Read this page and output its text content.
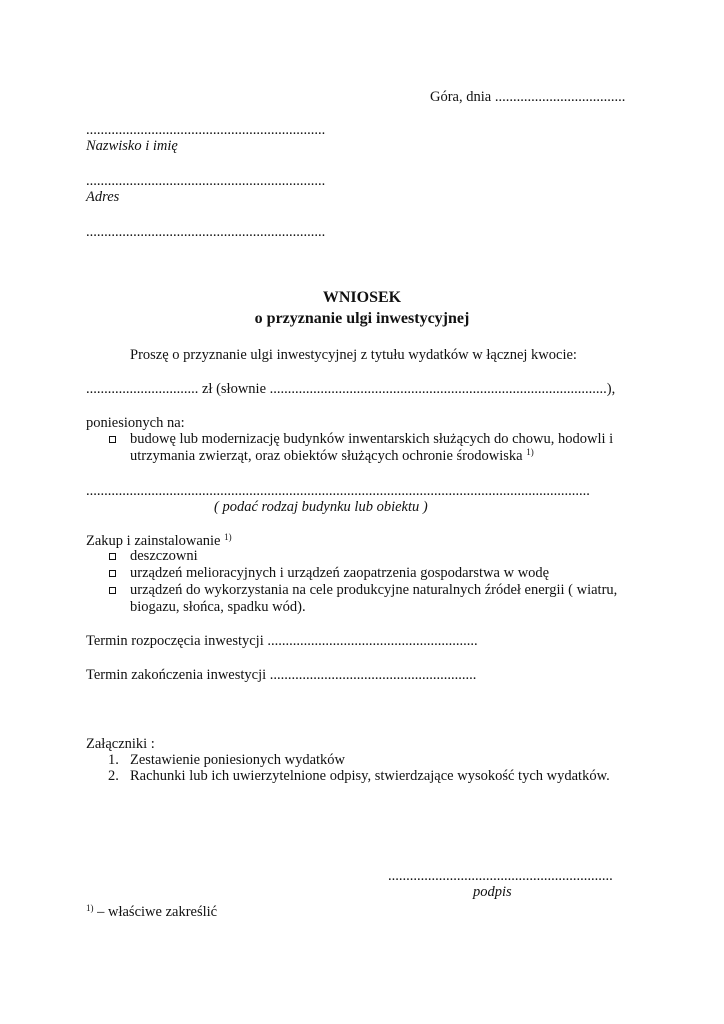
Góra, dnia ....................................
..................................................................
Nazwisko i imię
..................................................................
Adres
..................................................................
WNIOSEK
o przyznanie ulgi inwestycyjnej
Proszę o przyznanie ulgi inwestycyjnej z tytułu wydatków w łącznej kwocie:
............................... zł (słownie .............................................................................................),
poniesionych na:
budowę lub modernizację budynków inwentarskich służących do chowu, hodowli i
utrzymania zwierząt, oraz obiektów służących ochronie środowiska $^{1)}$
...........................................................................................................................................
( podać rodzaj budynku lub obiektu )
Zakup i zainstalowanie $^{1)}$
deszczowni
urządzeń melioracyjnych i urządzeń zaopatrzenia gospodarstwa w wodę
urządzeń do wykorzystania na cele produkcyjne naturalnych źródeł energii ( wiatru,
biogazu, słońca, spadku wód).
Termin rozpoczęcia inwestycji ..........................................................
Termin zakończenia inwestycji .........................................................
Załączniki :
1. Zestawienie poniesionych wydatków
2. Rachunki lub ich uwierzytelnione odpisy, stwierdzające wysokość tych wydatków.
..............................................................
podpis
$^{1)}$ – właściwe zakreślić
